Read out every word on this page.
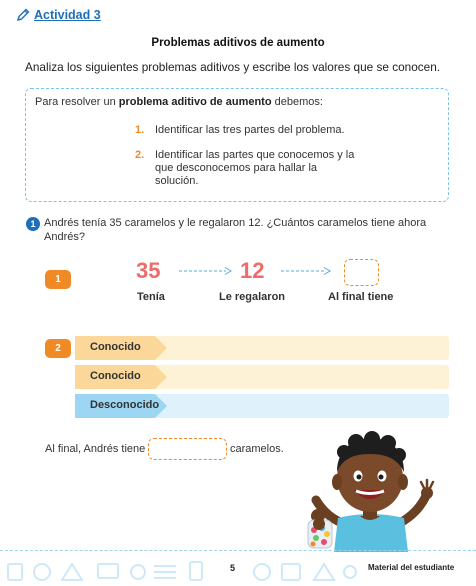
Actividad 3
Problemas aditivos de aumento
Analiza los siguientes problemas aditivos y escribe los valores que se conocen.
Para resolver un problema aditivo de aumento debemos:
1. Identificar las tres partes del problema.
2. Identificar las partes que conocemos y la que desconocemos para hallar la solución.
1 Andrés tenía 35 caramelos y le regalaron 12. ¿Cuántos caramelos tiene ahora Andrés?
1	35	12
Tenía	Le regalaron	Al final tiene
2	Conocido
Conocido
Desconocido
Al final, Andrés tiene	caramelos.
5	Material del estudiante
